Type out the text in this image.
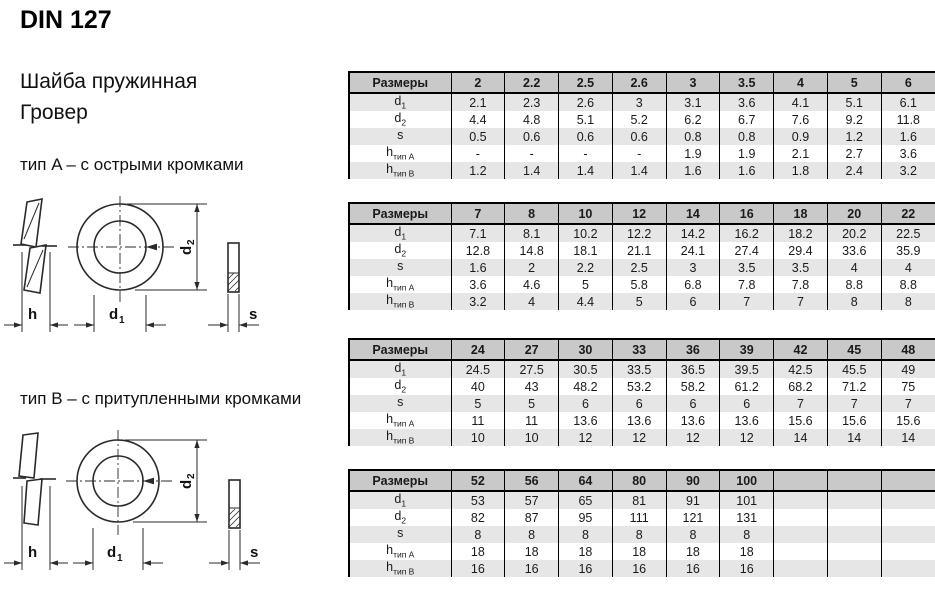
DIN 127
Шайба пружинная
Гровер
тип A – с острыми кромками
h	d 1
d
2
s
тип B – с притупленными кромками
h	d 1
d
2
s
Размеры	2	2.2	2.5	2.6	3	3.5	4	5	6
$d_1$	2.1	2.3	2.6	3	3.1	3.6	4.1	5.1	6.1
$d_2$	4.4	4.8	5.1	5.2	6.2	6.7	7.6	9.2	11.8
s	0.5	0.6	0.6	0.6	0.8	0.8	0.9	1.2	1.6
$h_{тип A}$	-	-	-	-	1.9	1.9	2.1	2.7	3.6
$h_{тип B}$	1.2	1.4	1.4	1.4	1.6	1.6	1.8	2.4	3.2
Размеры	7	8	10	12	14	16	18	20	22
$d_1$	7.1	8.1	10.2	12.2	14.2	16.2	18.2	20.2	22.5
$d_2$	12.8	14.8	18.1	21.1	24.1	27.4	29.4	33.6	35.9
s	1.6	2	2.2	2.5	3	3.5	3.5	4	4
$h_{тип A}$	3.6	4.6	5	5.8	6.8	7.8	7.8	8.8	8.8
$h_{тип B}$	3.2	4	4.4	5	6	7	7	8	8
Размеры	24	27	30	33	36	39	42	45	48
$d_1$	24.5	27.5	30.5	33.5	36.5	39.5	42.5	45.5	49
$d_2$	40	43	48.2	53.2	58.2	61.2	68.2	71.2	75
s	5	5	6	6	6	6	7	7	7
$h_{тип A}$	11	11	13.6	13.6	13.6	13.6	15.6	15.6	15.6
$h_{тип B}$	10	10	12	12	12	12	14	14	14
Размеры	52	56	64	80	90	100			
$d_1$	53	57	65	81	91	101			
$d_2$	82	87	95	111	121	131			
s	8	8	8	8	8	8			
$h_{тип A}$	18	18	18	18	18	18			
$h_{тип B}$	16	16	16	16	16	16			
